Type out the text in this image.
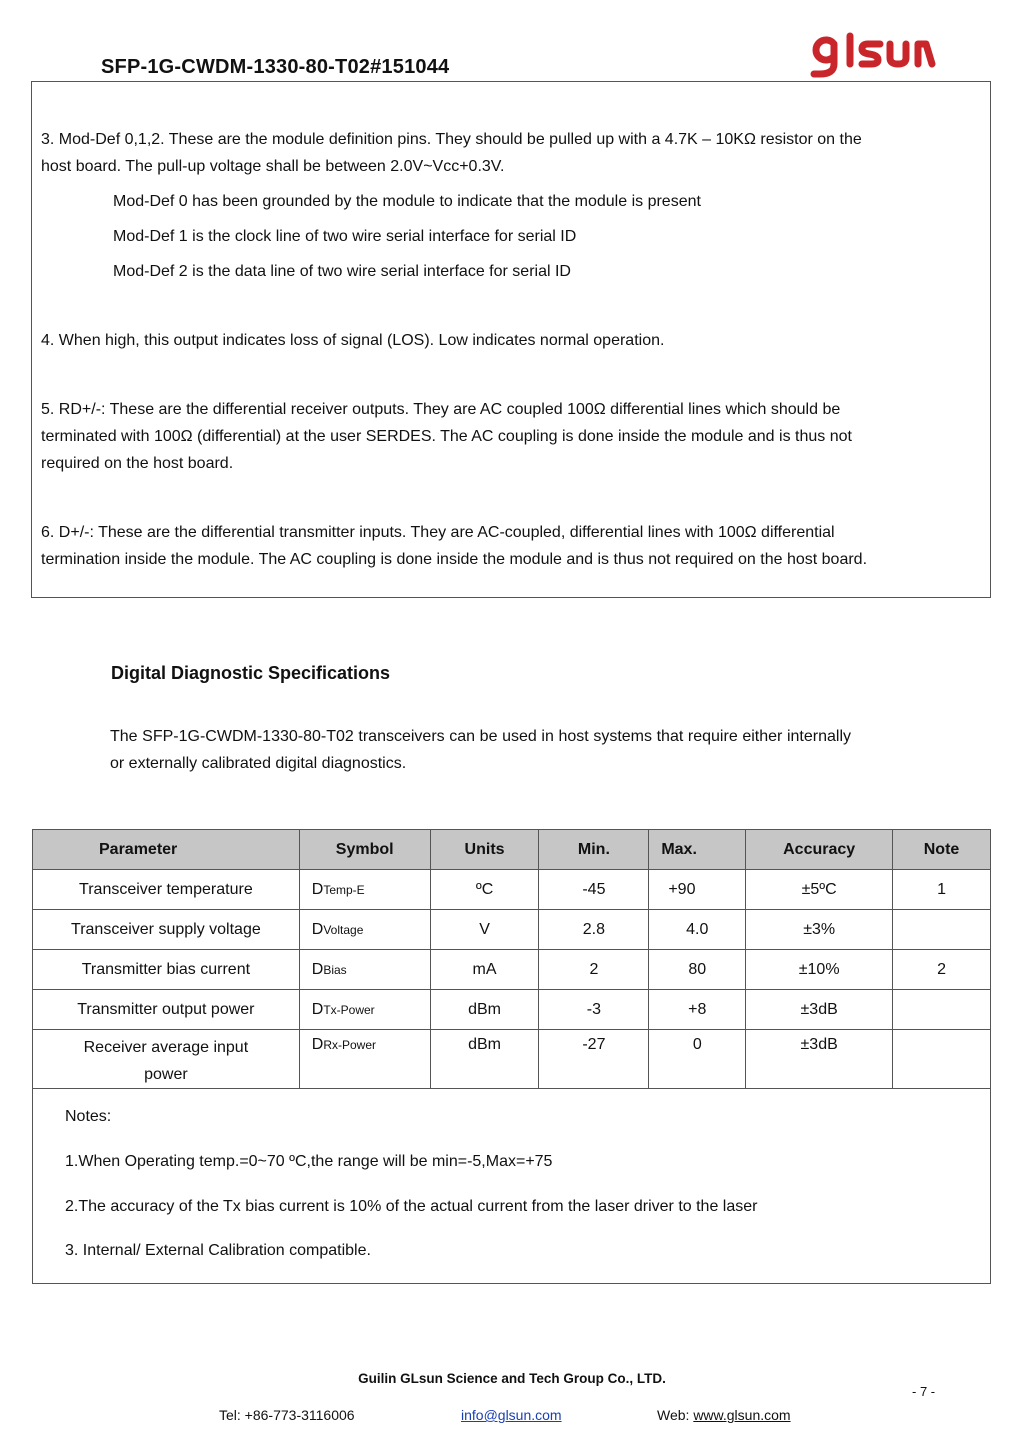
SFP-1G-CWDM-1330-80-T02#151044
3. Mod-Def 0,1,2. These are the module definition pins. They should be pulled up with a 4.7K – 10KΩ resistor on the
host board. The pull-up voltage shall be between 2.0V~Vcc+0.3V.
Mod-Def 0 has been grounded by the module to indicate that the module is present
Mod-Def 1 is the clock line of two wire serial interface for serial ID
Mod-Def 2 is the data line of two wire serial interface for serial ID
4. When high, this output indicates loss of signal (LOS). Low indicates normal operation.
5. RD+/-: These are the differential receiver outputs. They are AC coupled 100Ω differential lines which should be
terminated with 100Ω (differential) at the user SERDES. The AC coupling is done inside the module and is thus not
required on the host board.
6. D+/-: These are the differential transmitter inputs. They are AC-coupled, differential lines with 100Ω differential
termination inside the module. The AC coupling is done inside the module and is thus not required on the host board.
Digital Diagnostic Specifications
The SFP-1G-CWDM-1330-80-T02 transceivers can be used in host systems that require either internally or externally calibrated digital diagnostics.
Parameter	Symbol	Units	Min.	Max.	Accuracy	Note
Transceiver temperature	DTemp-E	ºC	-45	+90	±5ºC	1
Transceiver supply voltage	DVoltage	V	2.8	4.0	±3%	
Transmitter bias current	DBias	mA	2	80	±10%	2
Transmitter output power	DTx-Power	dBm	-3	+8	±3dB	
Receiver average input power	DRx-Power	dBm	-27	0	±3dB	
Notes:
1.When Operating temp.=0~70 ºC,the range will be min=-5,Max=+75
2.The accuracy of the Tx bias current is 10% of the actual current from the laser driver to the laser
3. Internal/ External Calibration compatible.
Guilin GLsun Science and Tech Group Co., LTD.
- 7 -
Tel: +86-773-3116006	info@glsun.com	Web: www.glsun.com
